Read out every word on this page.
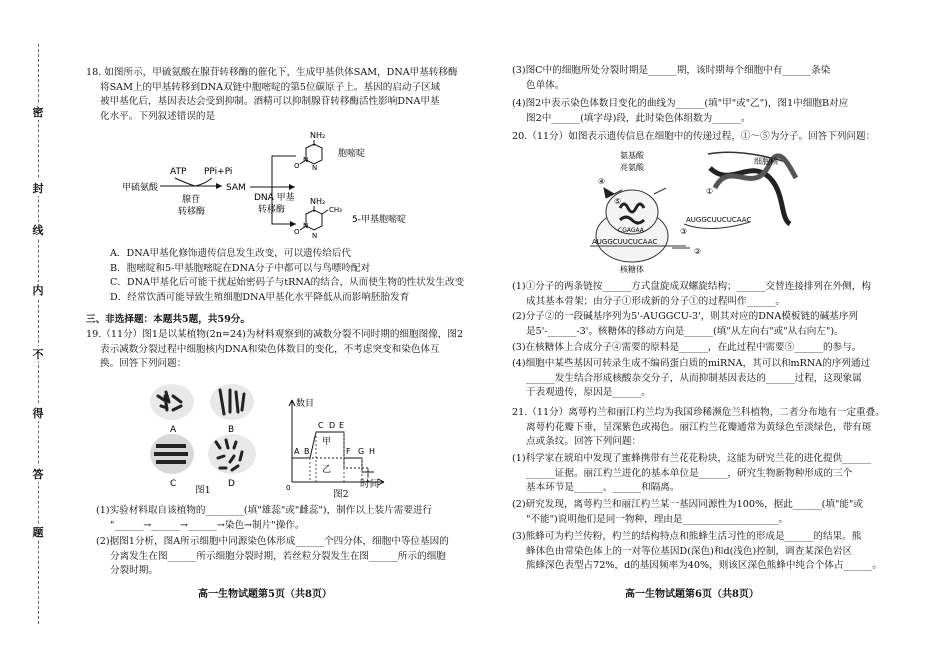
密
封
线
内
不
得
答
题
18. 如图所示，甲硫氨酸在腺苷转移酶的催化下，生成甲基供体SAM，DNA甲基转移酶
将SAM上的甲基转移到DNA双链中胞嘧啶的第5位碳原子上。基因的启动子区域
被甲基化后，基因表达会受到抑制。酒精可以抑制腺苷转移酶活性影响DNA甲基
化水平。下列叙述错误的是
甲硫氨酸
ATP PPi+Pi
腺苷
转移酶
SAM
DNA 甲基
转移酶
NH₂
O
N
N
胞嘧啶
NH₂
CH₃
O
N
N
5-甲基胞嘧啶
A．DNA甲基化修饰遗传信息发生改变，可以遗传给后代
B．胞嘧啶和5-甲基胞嘧啶在DNA分子中都可以与鸟嘌呤配对
C．DNA甲基化后可能干扰起始密码子与tRNA的结合，从而使生物的性状发生改变
D．经常饮酒可能导致生殖细胞DNA甲基化水平降低从而影响胚胎发育
三、非选择题：本题共5题，共59分。
19.（11分）图1是以某植物(2n=24)为材料观察到的减数分裂不同时期的细胞图像，图2
表示减数分裂过程中细胞核内DNA和染色体数目的变化，不考虑突变和染色体互
换。回答下列问题：
A	B
C	D
图1
数目
0
A B
C D E
F G H
甲
乙
时间
图2
(1)实验材料取自该植物的________(填"雄蕊"或"雌蕊")，制作以上装片需要进行
"______→______→______→染色→制片"操作。
(2)据图1分析，图A所示细胞中同源染色体形成______个四分体，细胞中等位基因的
分离发生在图______所示细胞分裂时期，若丝粒分裂发生在图______所示的细胞
分裂时期。
高一生物试题第5页（共8页）
(3)图C中的细胞所处分裂时期是______期，该时期每个细胞中有______条染
色单体。
(4)图2中表示染色体数目变化的曲线为______(填"甲"或"乙")，图1中细胞B对应
图2中______(填字母)段，此时染色体组数为______。
20.（11分）如图表示遗传信息在细胞中的传递过程，①～⑤为分子。回答下列问题：
细胞核
AUGGCUUCUCAAC
CGAGAA
AUGGCUUCUCAAC
核糖体
氨基酸
亮氨酸
④
⑤
②
③
①
(1)①分子的两条链按______方式盘旋成双螺旋结构；______交替连接排列在外侧，构
成其基本骨架；由分子①形成新的分子①的过程叫作______。
(2)分子②的一段碱基序列为5'-AUGGCU-3'，则其对应的DNA模板链的碱基序列
是5'-______-3'。核糖体的移动方向是______(填"从左向右"或"从右向左")。
(3)在核糖体上合成分子④需要的原料是______，在此过程中需要⑤______的参与。
(4)细胞中某些基因可转录生成不编码蛋白质的miRNA，其可以和mRNA的序列通过
______发生结合形成核酸杂交分子，从而抑制基因表达的______过程，这现象属
于表观遗传，原因是______。
21.（11分）离萼杓兰和丽江杓兰均为我国珍稀濒危兰科植物，二者分布地有一定重叠。
离萼杓花瓣下垂，呈深紫色或褐色。丽江杓兰花瓣通常为黄绿色至淡绿色，带有斑
点或条纹。回答下列问题：
(1)科学家在琥珀中发现了蜜蜂携带有兰花花粉块，这能为研究兰花的进化提供______
______证据。丽江杓兰进化的基本单位是______，研究生物新物种形成的三个
基本环节是______、______和隔离。
(2)研究发现，离萼杓兰和丽江杓兰某一基因同源性为100%，据此______(填"能"或
"不能")说明他们是同一物种，理由是____________________。
(3)熊蜂可为杓兰传粉，杓兰的结构特点和熊蜂生活习性的形成是______的结果。熊
蜂体色由常染色体上的一对等位基因D(深色)和d(浅色)控制，调查某深色岩区
熊蜂深色表型占72%，d的基因频率为40%，则该区深色熊蜂中纯合个体占______。
高一生物试题第6页（共8页）
